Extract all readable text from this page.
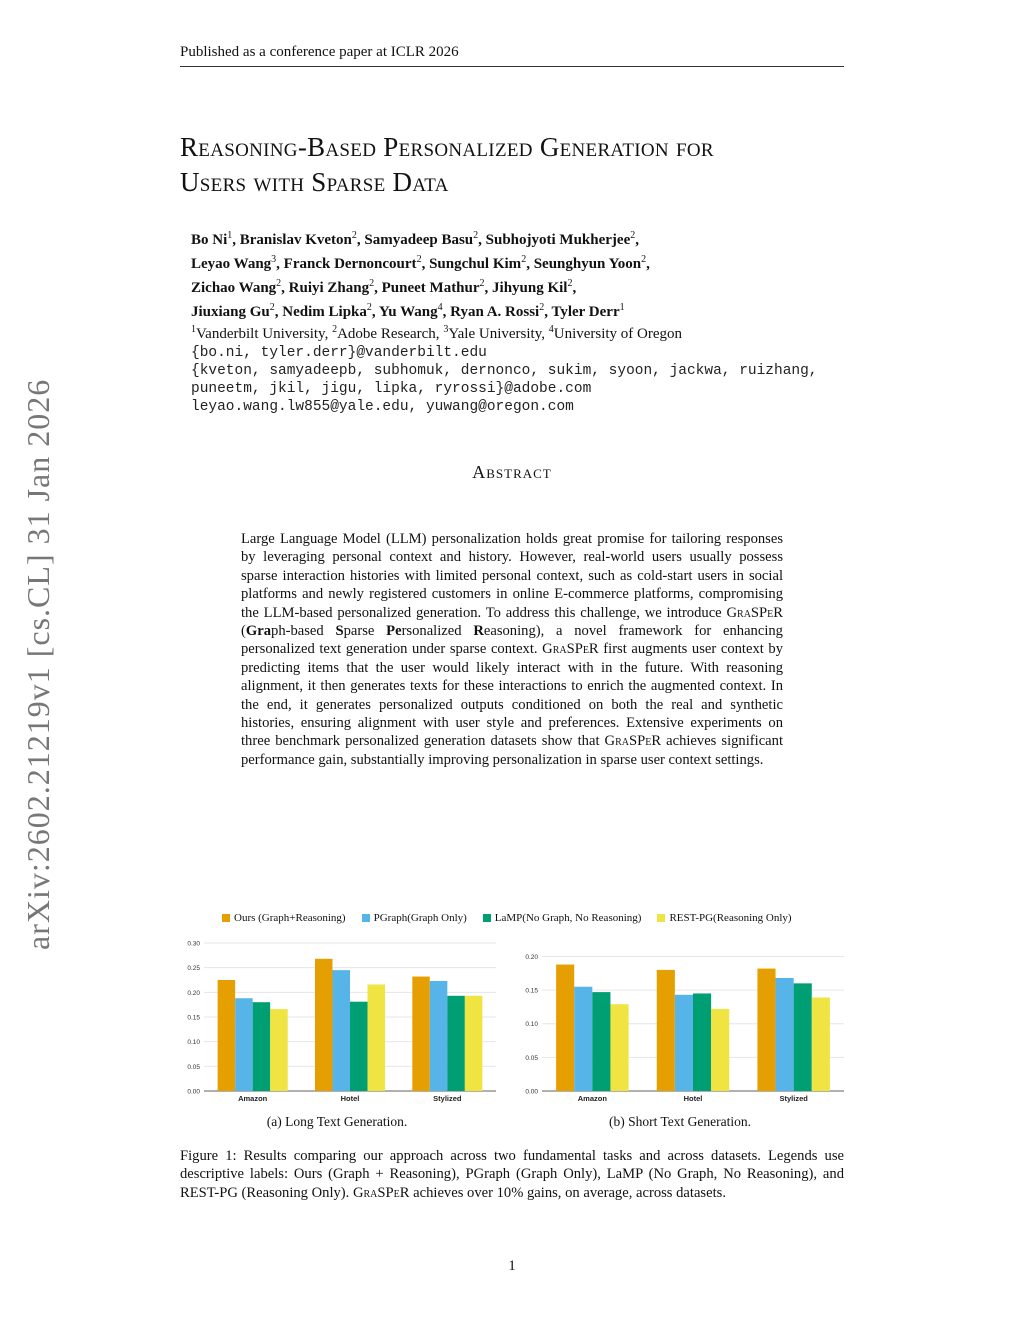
Published as a conference paper at ICLR 2026
Reasoning-Based Personalized Generation for
Users with Sparse Data

Bo Ni$^1$, Branislav Kveton$^2$, Samyadeep Basu$^2$, Subhojyoti Mukherjee$^2$,

Leyao Wang$^3$, Franck Dernoncourt$^2$, Sungchul Kim$^2$, Seunghyun Yoon$^2$,

Zichao Wang$^2$, Ruiyi Zhang$^2$, Puneet Mathur$^2$, Jihyung Kil$^2$,

Jiuxiang Gu$^2$, Nedim Lipka$^2$, Yu Wang$^4$, Ryan A. Rossi$^2$, Tyler Derr$^1$

$^1$Vanderbilt University, $^2$Adobe Research, $^3$Yale University, $^4$University of Oregon
{bo.ni, tyler.derr}@vanderbilt.edu
{kveton, samyadeepb, subhomuk, dernonco, sukim, syoon, jackwa, ruizhang,
puneetm, jkil, jigu, lipka, ryrossi}@adobe.com
leyao.wang.lw855@yale.edu, yuwang@oregon.com
Abstract
Large Language Model (LLM) personalization holds great promise for tailoring responses by leveraging personal context and history. However, real-world users usually possess sparse interaction histories with limited personal context, such as cold-start users in social platforms and newly registered customers in online E-commerce platforms, compromising the LLM-based personalized generation. To address this challenge, we introduce GraSPeR (Graph-based Sparse Personalized Reasoning), a novel framework for enhancing personalized text generation under sparse context. GraSPeR first augments user context by predicting items that the user would likely interact with in the future. With reasoning alignment, it then generates texts for these interactions to enrich the augmented context. In the end, it generates personalized outputs conditioned on both the real and synthetic histories, ensuring alignment with user style and preferences. Extensive experiments on three benchmark personalized generation datasets show that GraSPeR achieves significant performance gain, substantially improving personalization in sparse user context settings.
arXiv:2602.21219v1 [cs.CL] 31 Jan 2026	Ours (Graph+Reasoning)	PGraph(Graph Only)	LaMP(No Graph, No Reasoning)	REST-PG(Reasoning Only)
0.00
0.05
0.10
0.15
0.20
0.25
0.30
Amazon	Hotel	Stylized
0.00
0.05
0.10
0.15
0.20
Amazon	Hotel	Stylized
(a) Long Text Generation.	(b) Short Text Generation.
Figure 1: Results comparing our approach across two fundamental tasks and across datasets. Legends use descriptive labels: Ours (Graph + Reasoning), PGraph (Graph Only), LaMP (No Graph, No Reasoning), and REST-PG (Reasoning Only). GraSPeR achieves over 10% gains, on average, across datasets.
1
